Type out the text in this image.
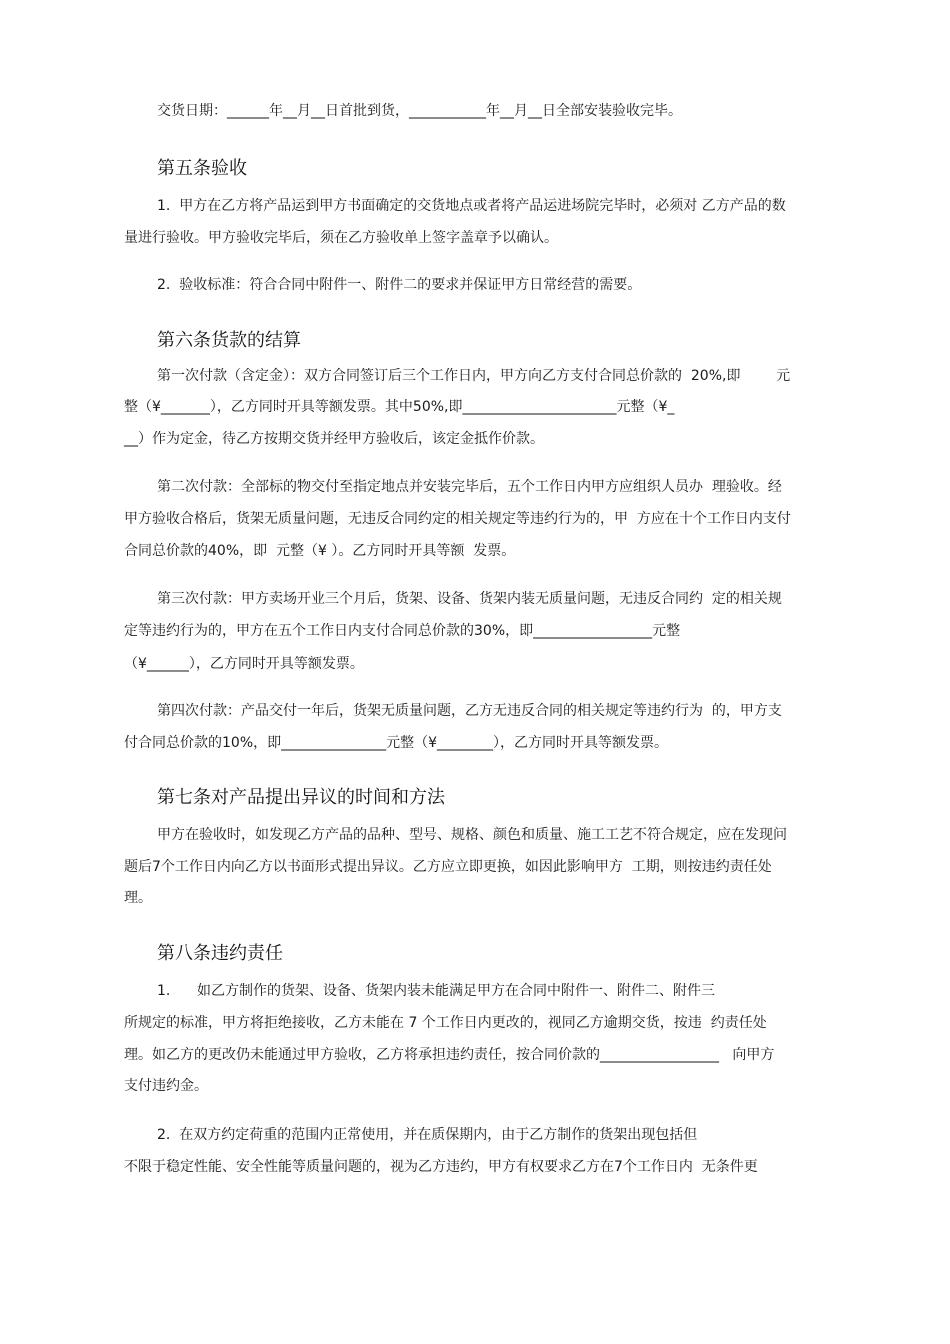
交货日期：______年__月__日首批到货，___________年__月__日全部安装验收完毕。
第五条验收
1.  甲方在乙方将产品运到甲方书面确定的交货地点或者将产品运进场院完毕时，必须对 乙方产品的数
量进行验收。甲方验收完毕后，须在乙方验收单上签字盖章予以确认。
2.  验收标准：符合合同中附件一、附件二的要求并保证甲方日常经营的需要。
第六条货款的结算
第一次付款（含定金）：双方合同签订后三个工作日内，甲方向乙方支付合同总价款的  20%,即        元
整（¥_______），乙方同时开具等额发票。其中50%,即______________________元整（¥_
__）作为定金，待乙方按期交货并经甲方验收后，该定金抵作价款。
第二次付款：全部标的物交付至指定地点并安装完毕后，五个工作日内甲方应组织人员办  理验收。经
甲方验收合格后，货架无质量问题，无违反合同约定的相关规定等违约行为的，甲  方应在十个工作日内支付
合同总价款的40%，即  元整（¥ ）。乙方同时开具等额  发票。
第三次付款：甲方卖场开业三个月后，货架、设备、货架内装无质量问题，无违反合同约  定的相关规
定等违约行为的，甲方在五个工作日内支付合同总价款的30%，即_________________元整
（¥______），乙方同时开具等额发票。
第四次付款：产品交付一年后，货架无质量问题，乙方无违反合同的相关规定等违约行为  的，甲方支
付合同总价款的10%，即_______________元整（¥________），乙方同时开具等额发票。
第七条对产品提出异议的时间和方法
甲方在验收时，如发现乙方产品的品种、型号、规格、颜色和质量、施工工艺不符合规定，应在发现问
题后7个工作日内向乙方以书面形式提出异议。乙方应立即更换，如因此影响甲方  工期，则按违约责任处
理。
第八条违约责任
1.      如乙方制作的货架、设备、货架内装未能满足甲方在合同中附件一、附件二、附件三
所规定的标准，甲方将拒绝接收，乙方未能在 7 个工作日内更改的，视同乙方逾期交货，按违  约责任处
理。如乙方的更改仍未能通过甲方验收，乙方将承担违约责任，按合同价款的_________________   向甲方
支付违约金。
2.  在双方约定荷重的范围内正常使用，并在质保期内，由于乙方制作的货架出现包括但
不限于稳定性能、安全性能等质量问题的，视为乙方违约，甲方有权要求乙方在7个工作日内  无条件更
